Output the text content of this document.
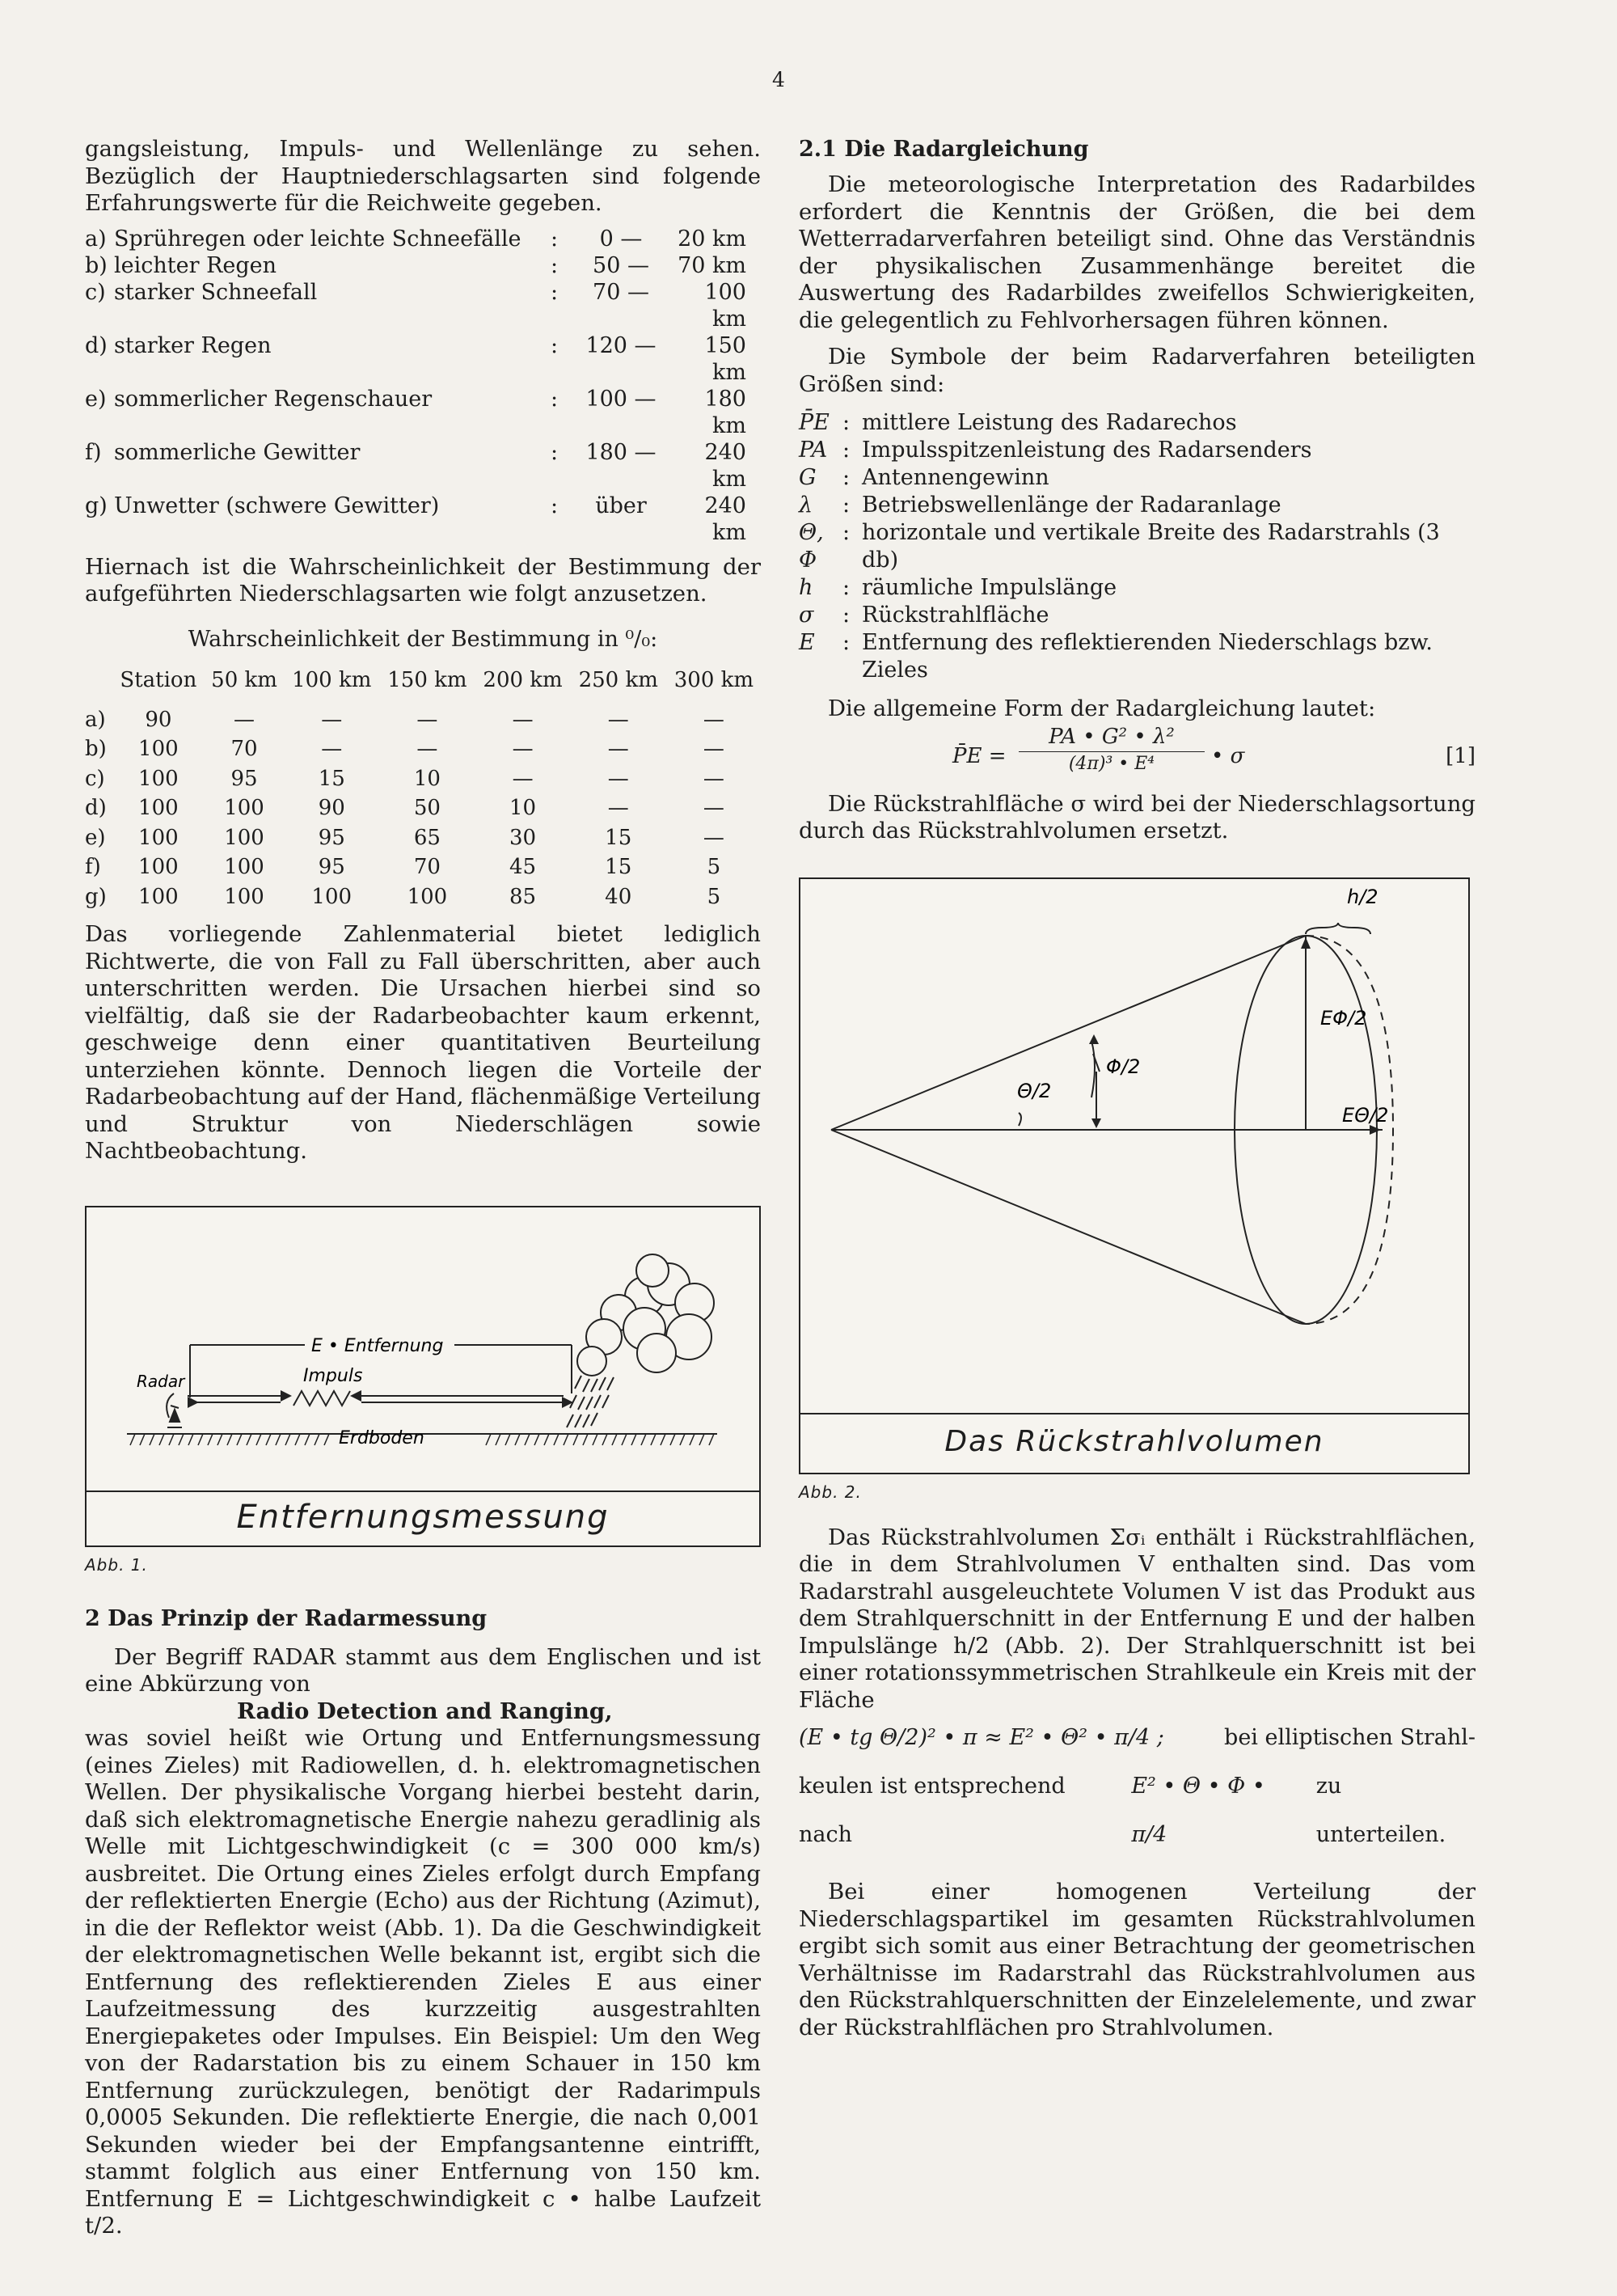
4

gangsleistung, Impuls- und Wellenlänge zu sehen. Bezüglich der Hauptniederschlagsarten sind folgende Erfahrungswerte für die Reichweite gegeben.

a) Sprühregen oder leichte Schneefälle	:	0 —	20 km
b) leichter Regen	:	50 —	70 km
c) starker Schneefall	:	70 —	100 km
d) starker Regen	:	120 —	150 km
e) sommerlicher Regenschauer	:	100 —	180 km
f) sommerliche Gewitter	:	180 —	240 km
g) Unwetter (schwere Gewitter)	:	über	240 km

Hiernach ist die Wahrscheinlichkeit der Bestimmung der aufgeführten Niederschlagsarten wie folgt anzusetzen.

Wahrscheinlichkeit der Bestimmung in ⁰/₀:
	Station	50 km	100 km	150 km	200 km	250 km	300 km
a)	90	—	—	—	—	—	—
b)	100	70	—	—	—	—	—
c)	100	95	15	10	—	—	—
d)	100	100	90	50	10	—	—
e)	100	100	95	65	30	15	—
f)	100	100	95	70	45	15	5
g)	100	100	100	100	85	40	5

Das vorliegende Zahlenmaterial bietet lediglich Richtwerte, die von Fall zu Fall überschritten, aber auch unterschritten werden. Die Ursachen hierbei sind so vielfältig, daß sie der Radarbeobachter kaum erkennt, geschweige denn einer quantitativen Beurteilung unterziehen könnte. Dennoch liegen die Vorteile der Radarbeobachtung auf der Hand, flächenmäßige Verteilung und Struktur von Niederschlägen sowie Nachtbeobachtung.

Radar
E • Entfernung
Impuls
Erdboden
Entfernungsmessung
Abb. 1.
2 Das Prinzip der Radarmessung

Der Begriff RADAR stammt aus dem Englischen und ist eine Abkürzung von

Radio Detection and Ranging,

was soviel heißt wie Ortung und Entfernungsmessung (eines Zieles) mit Radiowellen, d. h. elektromagnetischen Wellen. Der physikalische Vorgang hierbei besteht darin, daß sich elektromagnetische Energie nahezu geradlinig als Welle mit Lichtgeschwindigkeit (c = 300 000 km/s) ausbreitet. Die Ortung eines Zieles erfolgt durch Empfang der reflektierten Energie (Echo) aus der Richtung (Azimut), in die der Reflektor weist (Abb. 1). Da die Geschwindigkeit der elektromagnetischen Welle bekannt ist, ergibt sich die Entfernung des reflektierenden Zieles E aus einer Laufzeitmessung des kurzzeitig ausgestrahlten Energiepaketes oder Impulses. Ein Beispiel: Um den Weg von der Radarstation bis zu einem Schauer in 150 km Entfernung zurückzulegen, benötigt der Radarimpuls 0,0005 Sekunden. Die reflektierte Energie, die nach 0,001 Sekunden wieder bei der Empfangsantenne eintrifft, stammt folglich aus einer Entfernung von 150 km. Entfernung E = Lichtgeschwindigkeit c • halbe Laufzeit t/2.

2.1 Die Radargleichung

Die meteorologische Interpretation des Radarbildes erfordert die Kenntnis der Größen, die bei dem Wetterradarverfahren beteiligt sind. Ohne das Verständnis der physikalischen Zusammenhänge bereitet die Auswertung des Radarbildes zweifellos Schwierigkeiten, die gelegentlich zu Fehlvorhersagen führen können.

Die Symbole der beim Radarverfahren beteiligten Größen sind:

P̄E : mittlere Leistung des Radarechos
PA : Impulsspitzenleistung des Radarsenders
G	: Antennengewinn
λ	: Betriebswellenlänge der Radaranlage
Θ, Φ
: horizontale und vertikale Breite des Radarstrahls (3 db)
h	: räumliche Impulslänge
σ	: Rückstrahlfläche
E	: Entfernung des reflektierenden Niederschlags bzw. Zieles

Die allgemeine Form der Radargleichung lautet:

P̄E =
PA • G² • λ²
(4π)³ • E⁴	• σ	[1]

Die Rückstrahlfläche σ wird bei der Niederschlagsortung durch das Rückstrahlvolumen ersetzt.

h/2
EΦ/2
Φ/2
Θ/2
EΘ/2
Das Rückstrahlvolumen
Abb. 2.

Das Rückstrahlvolumen Σσᵢ enthält i Rückstrahlflächen, die in dem Strahlvolumen V enthalten sind. Das vom Radarstrahl ausgeleuchtete Volumen V ist das Produkt aus dem Strahlquerschnitt in der Entfernung E und der halben Impulslänge h/2 (Abb. 2). Der Strahlquerschnitt ist bei einer rotationssymmetrischen Strahlkeule ein Kreis mit der Fläche

(E • tg Θ/2)² • π ≈ E² • Θ² • π/4 ;	bei elliptischen Strahl-
keulen ist entsprechend nach
E² • Θ • Φ • π/4
zu unterteilen.

Bei einer homogenen Verteilung der Niederschlagspartikel im gesamten Rückstrahlvolumen ergibt sich somit aus einer Betrachtung der geometrischen Verhältnisse im Radarstrahl das Rückstrahlvolumen aus den Rückstrahlquerschnitten der Einzelelemente, und zwar der Rückstrahlflächen pro Strahlvolumen.
